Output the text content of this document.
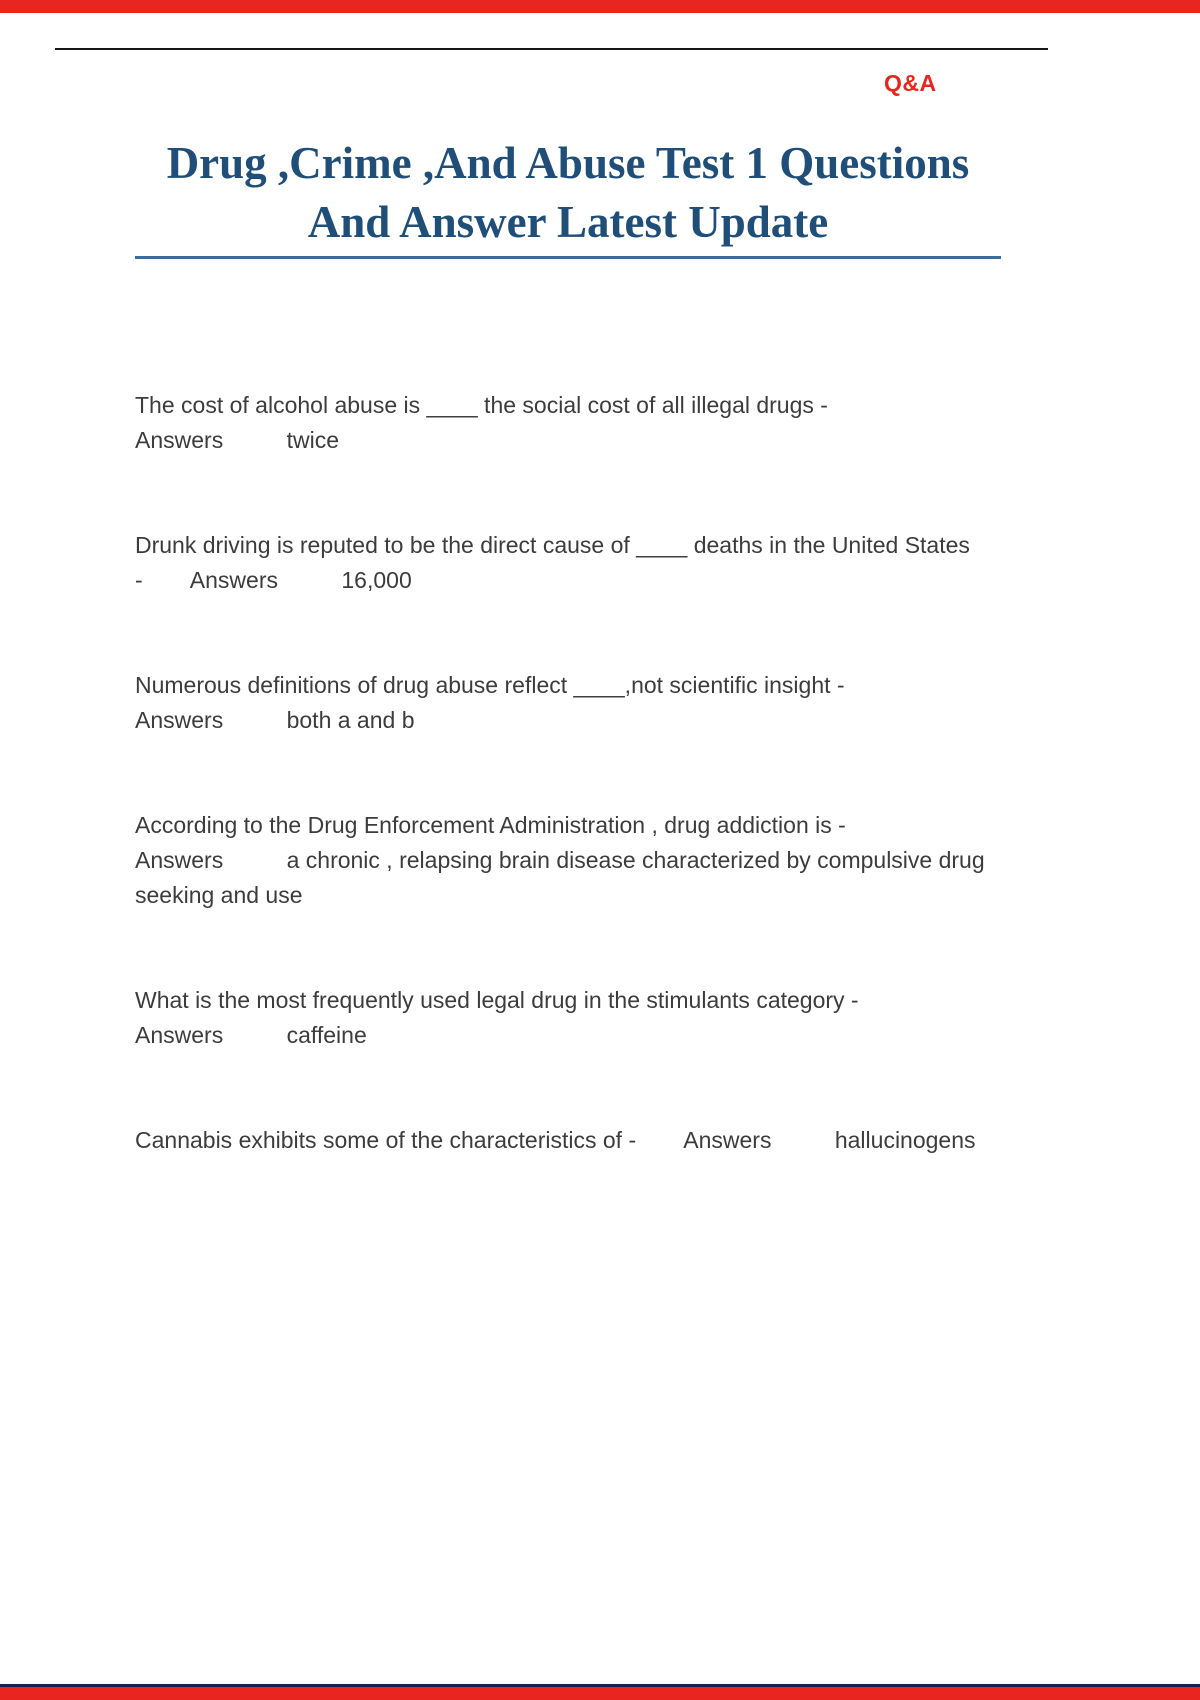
Q&A
Drug ,Crime ,And Abuse Test 1 Questions
And Answer Latest Update

The cost of alcohol abuse is ____ the social cost of all illegal drugs - Answers	twice

Drunk driving is reputed to be the direct cause of ____ deaths in the United States - Answers	16,000

Numerous definitions of drug abuse reflect ____,not scientific insight - Answers	both a and b

According to the Drug Enforcement Administration , drug addiction is - Answers	a chronic , relapsing brain disease characterized by compulsive drug seeking and use

What is the most frequently used legal drug in the stimulants category - Answers	caffeine

Cannabis exhibits some of the characteristics of - Answers	hallucinogens
